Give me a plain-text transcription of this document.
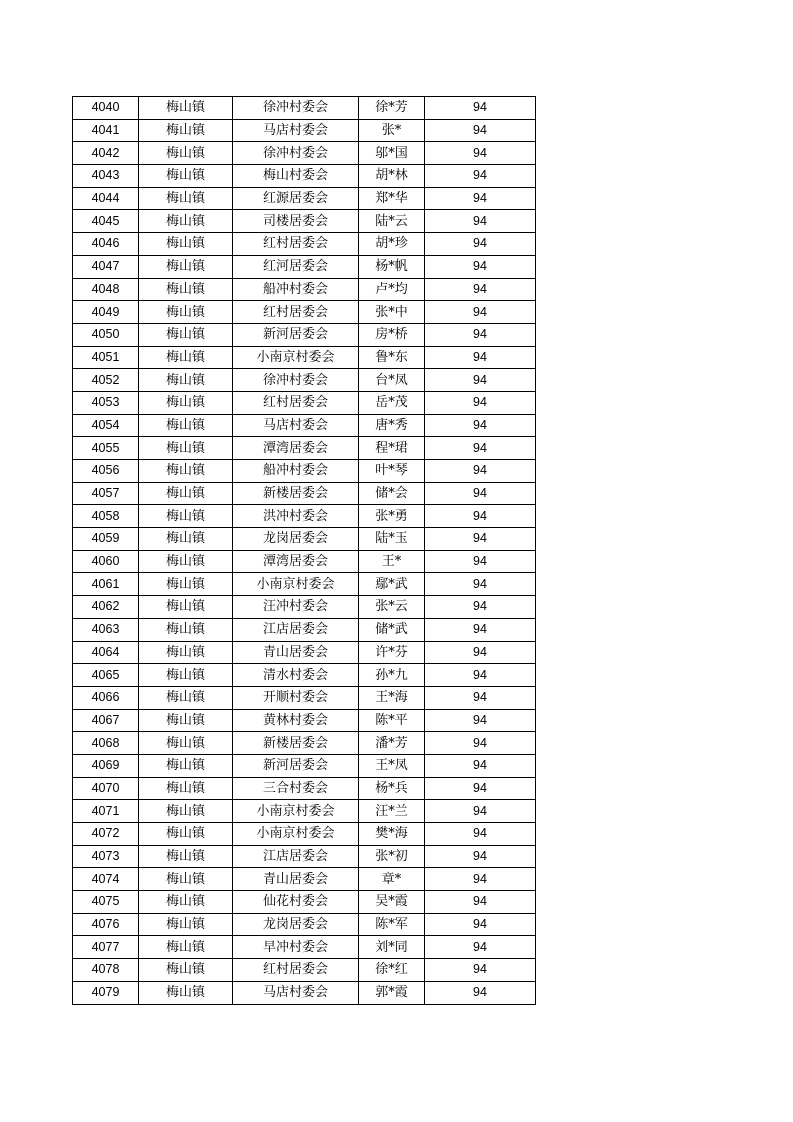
4040	梅山镇	徐冲村委会	徐*芳	94
4041	梅山镇	马店村委会	张*	94
4042	梅山镇	徐冲村委会	邬*国	94
4043	梅山镇	梅山村委会	胡*林	94
4044	梅山镇	红源居委会	郑*华	94
4045	梅山镇	司楼居委会	陆*云	94
4046	梅山镇	红村居委会	胡*珍	94
4047	梅山镇	红河居委会	杨*帆	94
4048	梅山镇	船冲村委会	卢*均	94
4049	梅山镇	红村居委会	张*中	94
4050	梅山镇	新河居委会	房*桥	94
4051	梅山镇	小南京村委会	鲁*东	94
4052	梅山镇	徐冲村委会	台*凤	94
4053	梅山镇	红村居委会	岳*茂	94
4054	梅山镇	马店村委会	唐*秀	94
4055	梅山镇	潭湾居委会	程*珺	94
4056	梅山镇	船冲村委会	叶*琴	94
4057	梅山镇	新楼居委会	储*会	94
4058	梅山镇	洪冲村委会	张*勇	94
4059	梅山镇	龙岗居委会	陆*玉	94
4060	梅山镇	潭湾居委会	王*	94
4061	梅山镇	小南京村委会	鄢*武	94
4062	梅山镇	汪冲村委会	张*云	94
4063	梅山镇	江店居委会	储*武	94
4064	梅山镇	青山居委会	许*芬	94
4065	梅山镇	清水村委会	孙*九	94
4066	梅山镇	开顺村委会	王*海	94
4067	梅山镇	黄林村委会	陈*平	94
4068	梅山镇	新楼居委会	潘*芳	94
4069	梅山镇	新河居委会	王*凤	94
4070	梅山镇	三合村委会	杨*兵	94
4071	梅山镇	小南京村委会	汪*兰	94
4072	梅山镇	小南京村委会	樊*海	94
4073	梅山镇	江店居委会	张*初	94
4074	梅山镇	青山居委会	章*	94
4075	梅山镇	仙花村委会	吴*霞	94
4076	梅山镇	龙岗居委会	陈*军	94
4077	梅山镇	早冲村委会	刘*同	94
4078	梅山镇	红村居委会	徐*红	94
4079	梅山镇	马店村委会	郭*霞	94
